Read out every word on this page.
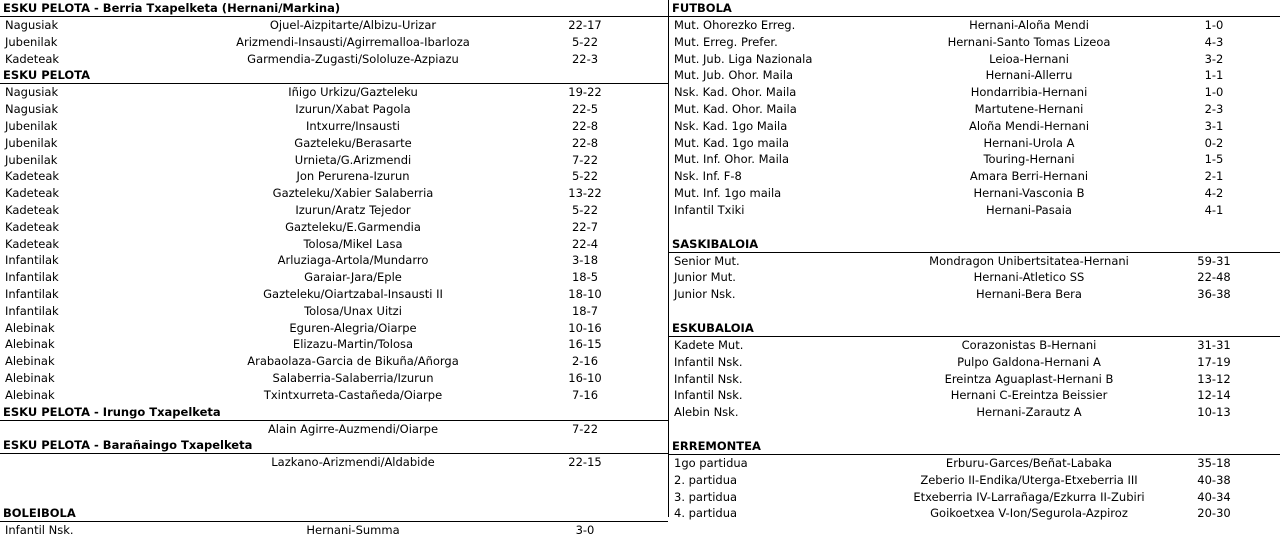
ESKU PELOTA - Berria Txapelketa (Hernani/Markina)
Nagusiak	Ojuel-Aizpitarte/Albizu-Urizar	22-17
Jubenilak	Arizmendi-Insausti/Agirremalloa-Ibarloza	5-22
Kadeteak	Garmendia-Zugasti/Sololuze-Azpiazu	22-3
ESKU PELOTA
Nagusiak	Iñigo Urkizu/Gazteleku	19-22
Nagusiak	Izurun/Xabat Pagola	22-5
Jubenilak	Intxurre/Insausti	22-8
Jubenilak	Gazteleku/Berasarte	22-8
Jubenilak	Urnieta/G.Arizmendi	7-22
Kadeteak	Jon Perurena-Izurun	5-22
Kadeteak	Gazteleku/Xabier Salaberria	13-22
Kadeteak	Izurun/Aratz Tejedor	5-22
Kadeteak	Gazteleku/E.Garmendia	22-7
Kadeteak	Tolosa/Mikel Lasa	22-4
Infantilak	Arluziaga-Artola/Mundarro	3-18
Infantilak	Garaiar-Jara/Eple	18-5
Infantilak	Gazteleku/Oiartzabal-Insausti II	18-10
Infantilak	Tolosa/Unax Uitzi	18-7
Alebinak	Eguren-Alegria/Oiarpe	10-16
Alebinak	Elizazu-Martin/Tolosa	16-15
Alebinak	Arabaolaza-Garcia de Bikuña/Añorga	2-16
Alebinak	Salaberria-Salaberria/Izurun	16-10
Alebinak	Txintxurreta-Castañeda/Oiarpe	7-16
ESKU PELOTA - Irungo Txapelketa
Alain Agirre-Auzmendi/Oiarpe	7-22
ESKU PELOTA - Barañaingo Txapelketa
Lazkano-Arizmendi/Aldabide	22-15
BOLEIBOLA
Infantil Nsk.	Hernani-Summa	3-0
FUTBOLA
Mut. Ohorezko Erreg.	Hernani-Aloña Mendi	1-0
Mut. Erreg. Prefer.	Hernani-Santo Tomas Lizeoa	4-3
Mut. Jub. Liga Nazionala	Leioa-Hernani	3-2
Mut. Jub. Ohor. Maila	Hernani-Allerru	1-1
Nsk. Kad. Ohor. Maila	Hondarribia-Hernani	1-0
Mut. Kad. Ohor. Maila	Martutene-Hernani	2-3
Nsk. Kad. 1go Maila	Aloña Mendi-Hernani	3-1
Mut. Kad. 1go maila	Hernani-Urola A	0-2
Mut. Inf. Ohor. Maila	Touring-Hernani	1-5
Nsk. Inf. F-8	Amara Berri-Hernani	2-1
Mut. Inf. 1go maila	Hernani-Vasconia B	4-2
Infantil Txiki	Hernani-Pasaia	4-1
SASKIBALOIA
Senior Mut.	Mondragon Unibertsitatea-Hernani	59-31
Junior Mut.	Hernani-Atletico SS	22-48
Junior Nsk.	Hernani-Bera Bera	36-38
ESKUBALOIA
Kadete Mut.	Corazonistas B-Hernani	31-31
Infantil Nsk.	Pulpo Galdona-Hernani A	17-19
Infantil Nsk.	Ereintza Aguaplast-Hernani B	13-12
Infantil Nsk.	Hernani C-Ereintza Beissier	12-14
Alebin Nsk.	Hernani-Zarautz A	10-13
ERREMONTEA
1go partidua	Erburu-Garces/Beñat-Labaka	35-18
2. partidua	Zeberio II-Endika/Uterga-Etxeberria III	40-38
3. partidua	Etxeberria IV-Larrañaga/Ezkurra II-Zubiri	40-34
4. partidua	Goikoetxea V-Ion/Segurola-Azpiroz	20-30
